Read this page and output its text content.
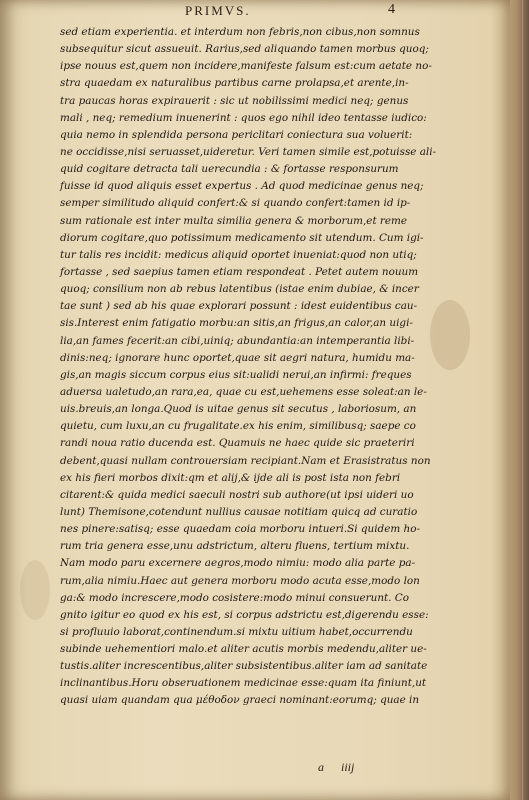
PRIMVS.	4
sed etiam experientia. et interdum non febris,non cibus,non somnus
subsequitur sicut assueuit. Rarius,sed aliquando tamen morbus quoq;
ipse nouus est,quem non incidere,manifeste falsum est:cum aetate no-
stra quaedam ex naturalibus partibus carne prolapsa,et arente,in-
tra paucas horas expirauerit : sic ut nobilissimi medici neq; genus
mali , neq; remedium inuenerint : quos ego nihil ideo tentasse iudico:
quia nemo in splendida persona periclitari coniectura sua voluerit:
ne occidisse,nisi seruasset,uideretur. Veri tamen simile est,potuisse ali-
quid cogitare detracta tali uerecundia : & fortasse responsurum
fuisse id quod aliquis esset expertus . Ad quod medicinae genus neq;
semper similitudo aliquid confert:& si quando confert:tamen id ip-
sum rationale est inter multa similia genera & morborum,et reme
diorum cogitare,quo potissimum medicamento sit utendum. Cum igi-
tur talis res incidit: medicus aliquid oportet inueniat:quod non utiq;
fortasse , sed saepius tamen etiam respondeat . Petet autem nouum
quoq; consilium non ab rebus latentibus (istae enim dubiae, & incer
tae sunt ) sed ab his quae explorari possunt : idest euidentibus cau-
sis.Interest enim fatigatio morbu:an sitis,an frigus,an calor,an uigi-
lia,an fames fecerit:an cibi,uiniq; abundantia:an intemperantia libi-
dinis:neq; ignorare hunc oportet,quae sit aegri natura, humidu ma-
gis,an magis siccum corpus eius sit:ualidi nerui,an infirmi: freques
aduersa ualetudo,an rara,ea, quae cu est,uehemens esse soleat:an le-
uis.breuis,an longa.Quod is uitae genus sit secutus , laboriosum, an
quietu, cum luxu,an cu frugalitate.ex his enim, similibusq; saepe co
randi noua ratio ducenda est. Quamuis ne haec quide sic praeteriri
debent,quasi nullam controuersiam recipiant.Nam et Erasistratus non
ex his fieri morbos dixit:qm et alij,& ijde ali is post ista non febri
citarent:& quida medici saeculi nostri sub authore(ut ipsi uideri uo
lunt) Themisone,cotendunt nullius causae notitiam quicq ad curatio
nes pinere:satisq; esse quaedam coia morboru intueri.Si quidem ho-
rum tria genera esse,unu adstrictum, alteru fluens, tertium mixtu.
Nam modo paru excernere aegros,modo nimiu: modo alia parte pa-
rum,alia nimiu.Haec aut genera morboru modo acuta esse,modo lon
ga:& modo increscere,modo cosistere:modo minui consuerunt. Co
gnito igitur eo quod ex his est, si corpus adstrictu est,digerendu esse:
si profluuio laborat,continendum.si mixtu uitium habet,occurrendu
subinde uehementiori malo.et aliter acutis morbis medendu,aliter ue-
tustis.aliter increscentibus,aliter subsistentibus.aliter iam ad sanitate
inclinantibus.Horu obseruationem medicinae esse:quam ita finiunt,ut
quasi uiam quandam qua μέθοδον graeci nominant:eorumq; quae in
a iiij
